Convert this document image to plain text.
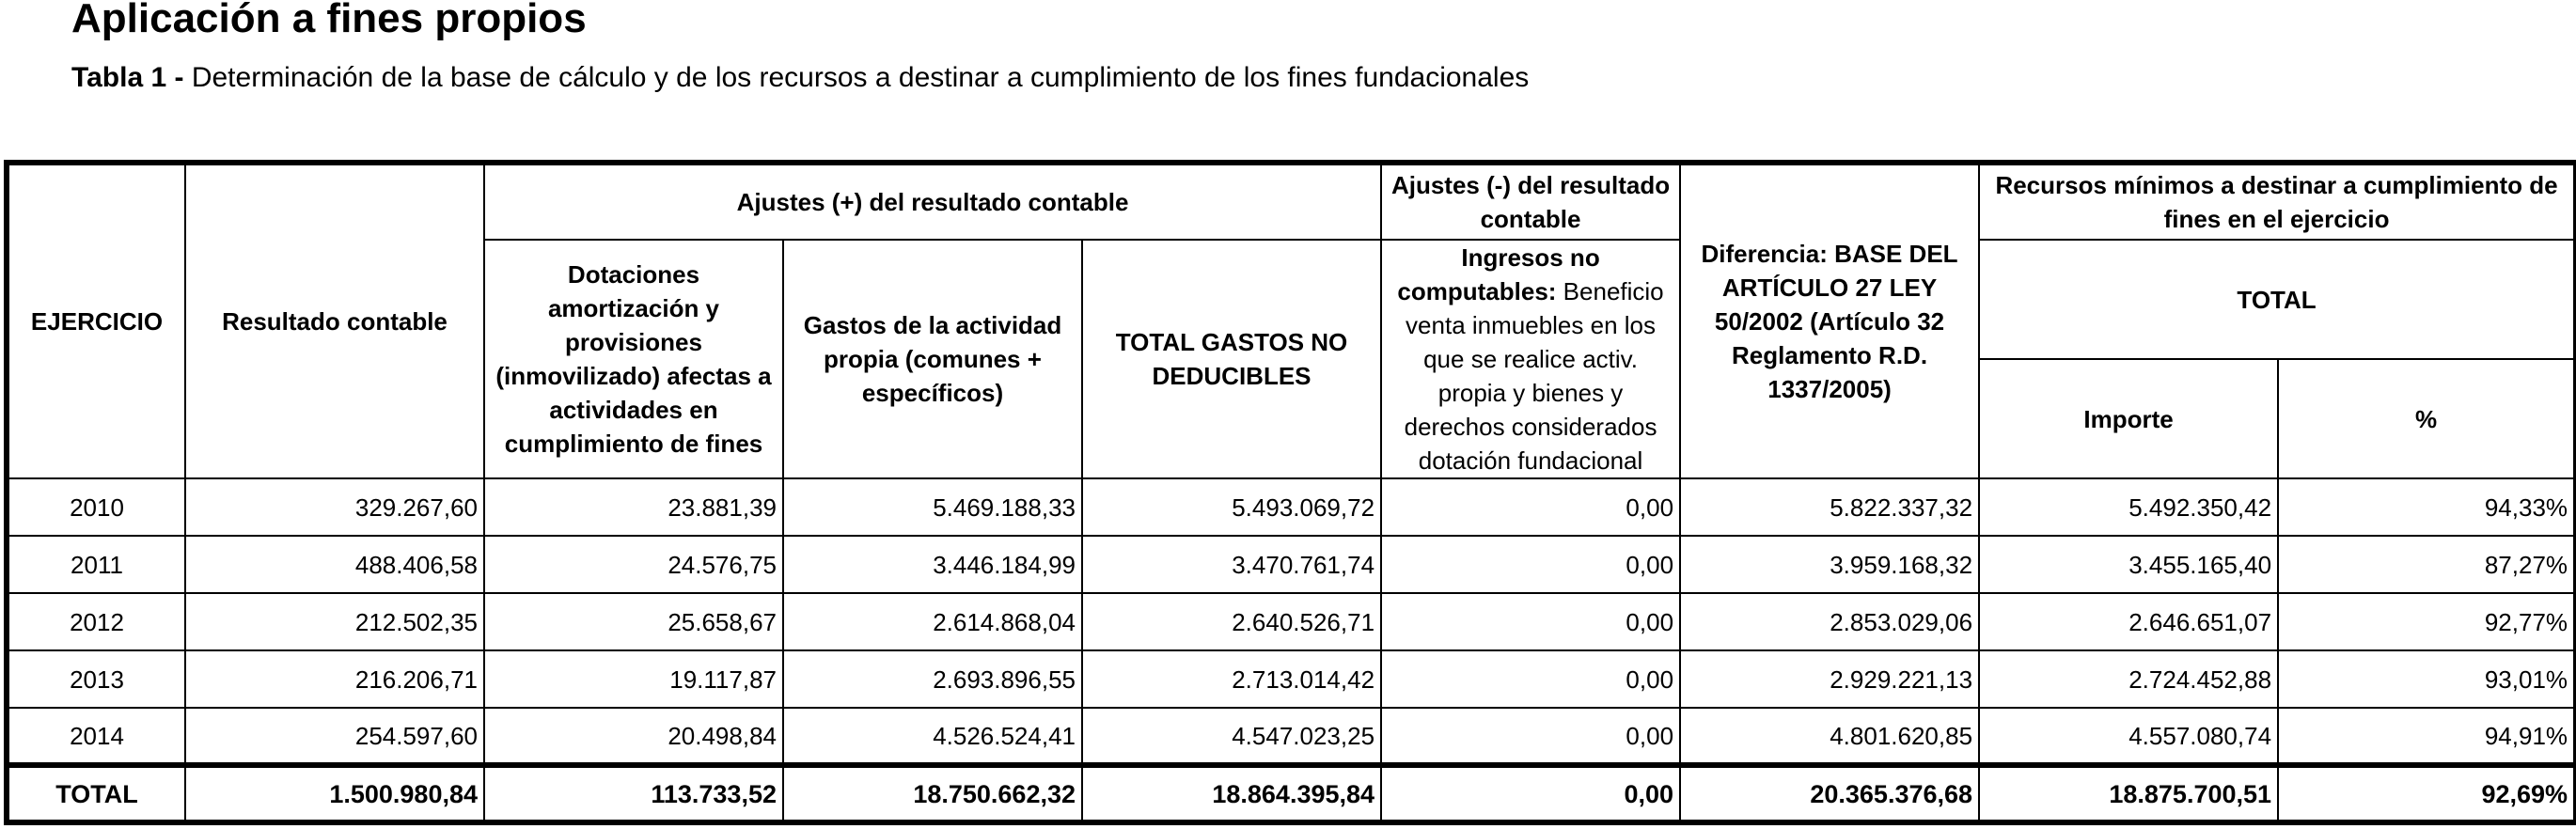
Aplicación a fines propios
Tabla 1 - Determinación de la base de cálculo y de los recursos a destinar a cumplimiento de los fines fundacionales
EJERCICIO	Resultado contable	Ajustes (+) del resultado contable			Ajustes (-) del resultado contable	Diferencia: BASE DEL ARTÍCULO 27 LEY 50/2002 (Artículo 32 Reglamento R.D. 1337/2005)	Recursos mínimos a destinar a cumplimiento de fines en el ejercicio	
		Dotaciones amortización y provisiones (inmovilizado) afectas a actividades en cumplimiento de fines	Gastos de la actividad propia (comunes + específicos)	TOTAL GASTOS NO DEDUCIBLES	Ingresos no computables: Beneficio venta inmuebles en los que se realice activ. propia y bienes y derechos considerados dotación fundacional		TOTAL	
							Importe	%
2010	329.267,60	23.881,39	5.469.188,33	5.493.069,72	0,00	5.822.337,32	5.492.350,42	94,33%
2011	488.406,58	24.576,75	3.446.184,99	3.470.761,74	0,00	3.959.168,32	3.455.165,40	87,27%
2012	212.502,35	25.658,67	2.614.868,04	2.640.526,71	0,00	2.853.029,06	2.646.651,07	92,77%
2013	216.206,71	19.117,87	2.693.896,55	2.713.014,42	0,00	2.929.221,13	2.724.452,88	93,01%
2014	254.597,60	20.498,84	4.526.524,41	4.547.023,25	0,00	4.801.620,85	4.557.080,74	94,91%
TOTAL	1.500.980,84	113.733,52	18.750.662,32	18.864.395,84	0,00	20.365.376,68	18.875.700,51	92,69%
